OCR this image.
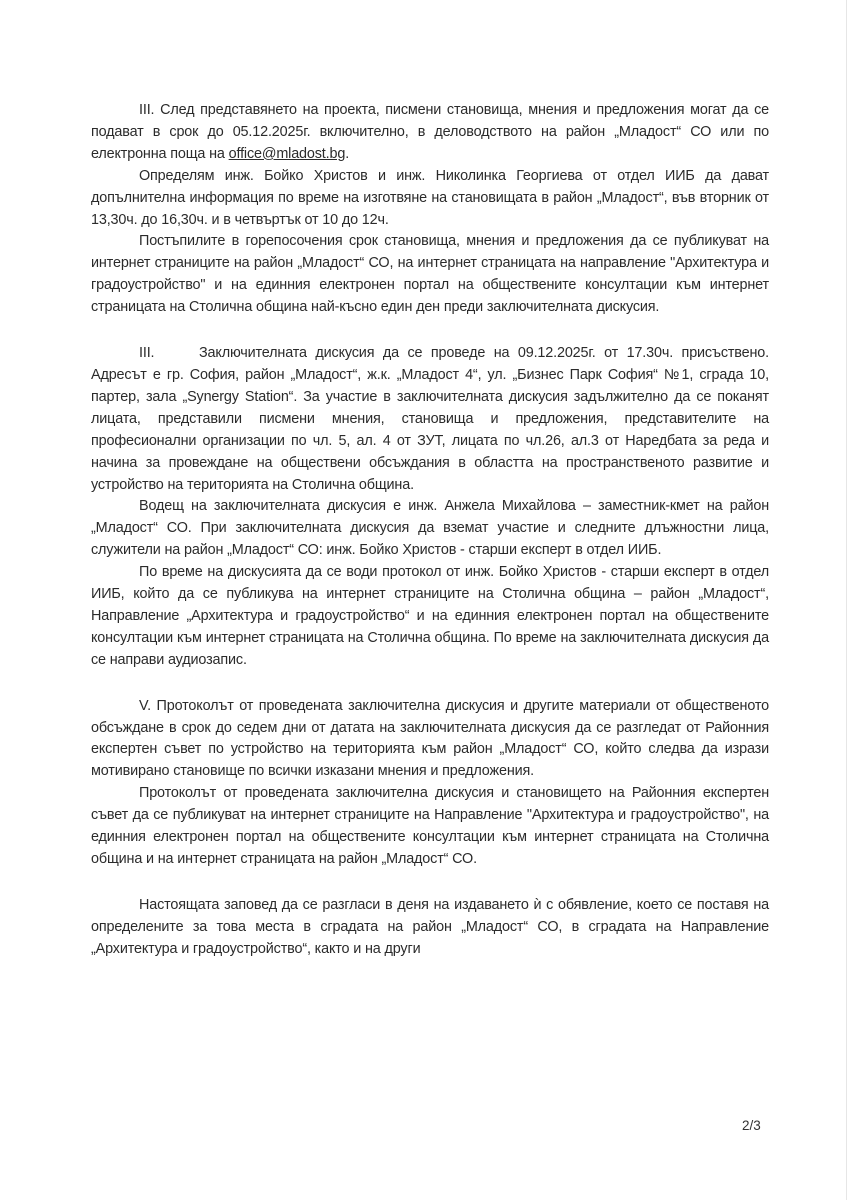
III. След представянето на проекта, писмени становища, мнения и предложения могат да се подават в срок до 05.12.2025г. включително, в деловодството на район „Младост“ СО или по електронна поща на office@mladost.bg.

Определям инж. Бойко Христов и инж. Николинка Георгиева от отдел ИИБ да дават допълнителна информация по време на изготвяне на становищата в район „Младост“, във вторник от 13,30ч. до 16,30ч. и в четвъртък от 10 до 12ч.

Постъпилите в горепосочения срок становища, мнения и предложения да се публикуват на интернет страниците на район „Младост“ СО, на интернет страницата на направление "Архитектура и градоустройство" и на единния електронен портал на обществените консултации към интернет страницата на Столична община най-късно един ден преди заключителната дискусия.

III.	Заключителната дискусия да се проведе на 09.12.2025г. от 17.30ч. присъствено. Адресът е гр. София, район „Младост“, ж.к. „Младост 4“, ул. „Бизнес Парк София“ №1, сграда 10, партер, зала „Synergy Station“. За участие в заключителната дискусия задължително да се поканят лицата, представили писмени мнения, становища и предложения, представителите на професионални организации по чл. 5, ал. 4 от ЗУТ, лицата по чл.26, ал.3 от Наредбата за реда и начина за провеждане на обществени обсъждания в областта на пространственото развитие и устройство на територията на Столична община.

Водещ на заключителната дискусия е инж. Анжела Михайлова – заместник-кмет на район „Младост“ СО. При заключителната дискусия да вземат участие и следните длъжностни лица, служители на район „Младост“ СО: инж. Бойко Христов - старши експерт в отдел ИИБ.

По време на дискусията да се води протокол от инж. Бойко Христов - старши експерт в отдел ИИБ, който да се публикува на интернет страниците на Столична община – район „Младост“, Направление „Архитектура и градоустройство“ и на единния електронен портал на обществените консултации към интернет страницата на Столична община. По време на заключителната дискусия да се направи аудиозапис.

V. Протоколът от проведената заключителна дискусия и другите материали от общественото обсъждане в срок до седем дни от датата на заключителната дискусия да се разгледат от Районния експертен съвет по устройство на територията към район „Младост“ СО, който следва да изрази мотивирано становище по всички изказани мнения и предложения.

Протоколът от проведената заключителна дискусия и становището на Районния експертен съвет да се публикуват на интернет страниците на Направление "Архитектура и градоустройство", на единния електронен портал на обществените консултации към интернет страницата на Столична община и на интернет страницата на район „Младост“ СО.

Настоящата заповед да се разгласи в деня на издаването ѝ с обявление, което се поставя на определените за това места в сградата на район „Младост“ СО, в сградата на Направление „Архитектура и градоустройство“, както и на други

2/3
